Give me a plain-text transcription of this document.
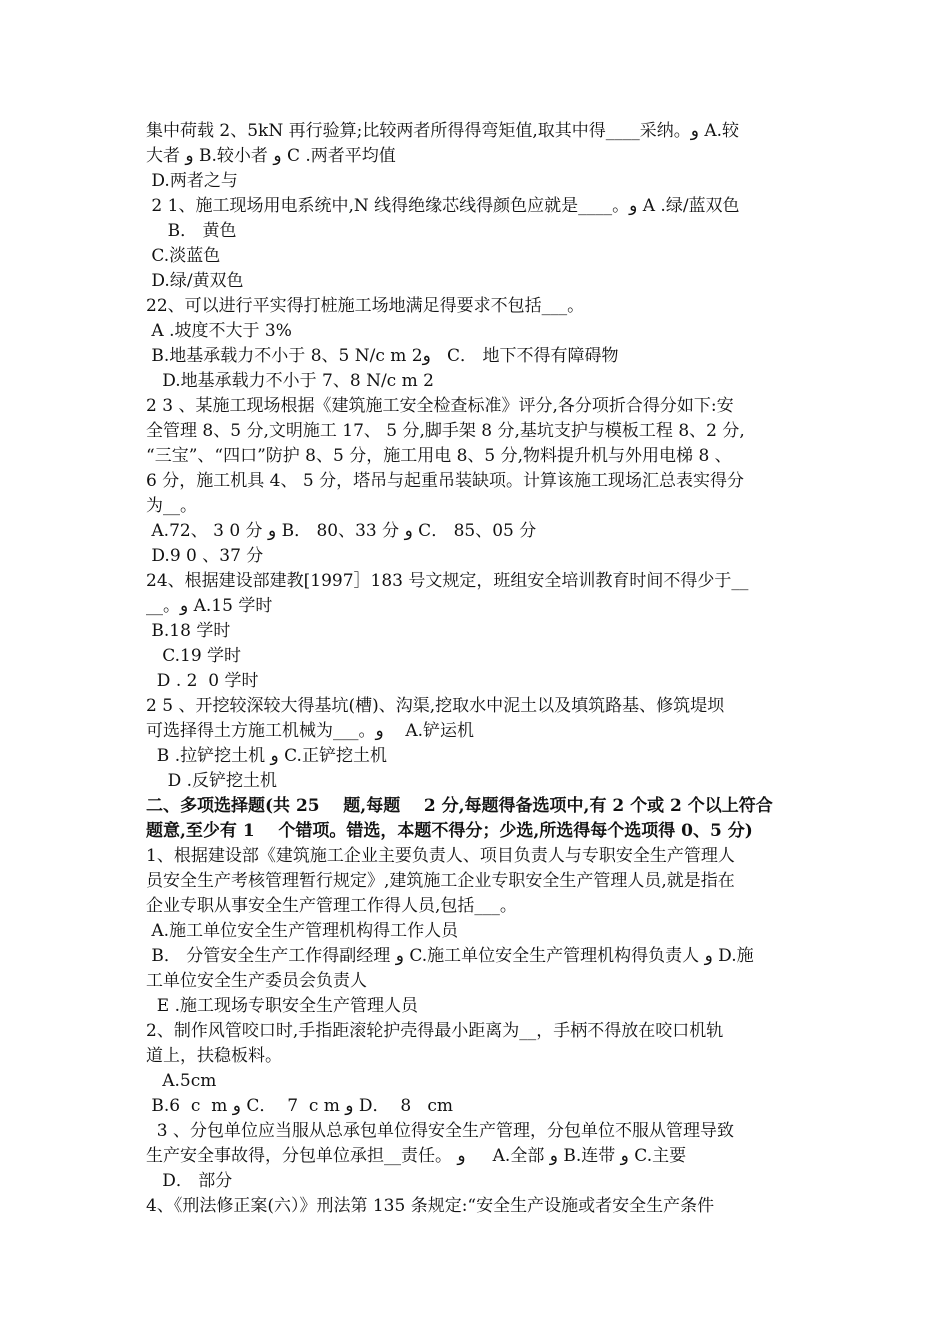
集中荷载 2、5kN 再行验算;比较两者所得得弯矩值,取其中得____采纳。و A.较
大者 و B.较小者 و C .两者平均值
D.两者之与
2 1、施工现场用电系统中,N 线得绝缘芯线得颜色应就是____。و A .绿/蓝双色
B． 黄色
C.淡蓝色
D.绿/黄双色
22、可以进行平实得打桩施工场地满足得要求不包括___。
A .坡度不大于 3%
B.地基承载力不小于 8、5 N/c m 2و   C． 地下不得有障碍物
D.地基承载力不小于 7、8 N/c m 2
2 3 、某施工现场根据《建筑施工安全检查标准》评分,各分项折合得分如下:安
全管理 8、5 分,文明施工 17、 5 分,脚手架 8 分,基坑支护与模板工程 8、2 分,
“三宝”、“四口”防护 8、5 分，施工用电 8、5 分,物料提升机与外用电梯 8 、
6 分，施工机具 4、 5 分，塔吊与起重吊装缺项。计算该施工现场汇总表实得分
为__。
A.72、 3 0 分 و B． 80、33 分 و C． 85、05 分
D.9 0 、37 分
24、根据建设部建教[1997］183 号文规定，班组安全培训教育时间不得少于__
__。و A.15 学时
B.18 学时
C.19 学时
D . 2  0 学时
2 5 、开挖较深较大得基坑(槽)、沟渠,挖取水中泥土以及填筑路基、修筑堤坝
可选择得土方施工机械为___。و    A.铲运机
B .拉铲挖土机 و C.正铲挖土机
D .反铲挖土机
二、多项选择题(共 25    题,每题    2 分,每题得备选项中,有 2 个或 2 个以上符合
题意,至少有 1    个错项。错选，本题不得分；少选,所选得每个选项得 0、5 分)
1、根据建设部《建筑施工企业主要负责人、项目负责人与专职安全生产管理人
员安全生产考核管理暂行规定》,建筑施工企业专职安全生产管理人员,就是指在
企业专职从事安全生产管理工作得人员,包括___。
A.施工单位安全生产管理机构得工作人员
B． 分管安全生产工作得副经理 و C.施工单位安全生产管理机构得负责人 و D.施
工单位安全生产委员会负责人
E .施工现场专职安全生产管理人员
2、制作风管咬口时,手指距滚轮护壳得最小距离为__，手柄不得放在咬口机轨
道上，扶稳板料。
A.5cm
B.6  c  m و C．  7  c m و D．  8   cm
3 、分包单位应当服从总承包单位得安全生产管理，分包单位不服从管理导致
生产安全事故得，分包单位承担__责任。 و     A.全部 و B.连带 و C.主要
D． 部分
4、《刑法修正案(六）》刑法第 135 条规定:“安全生产设施或者安全生产条件
